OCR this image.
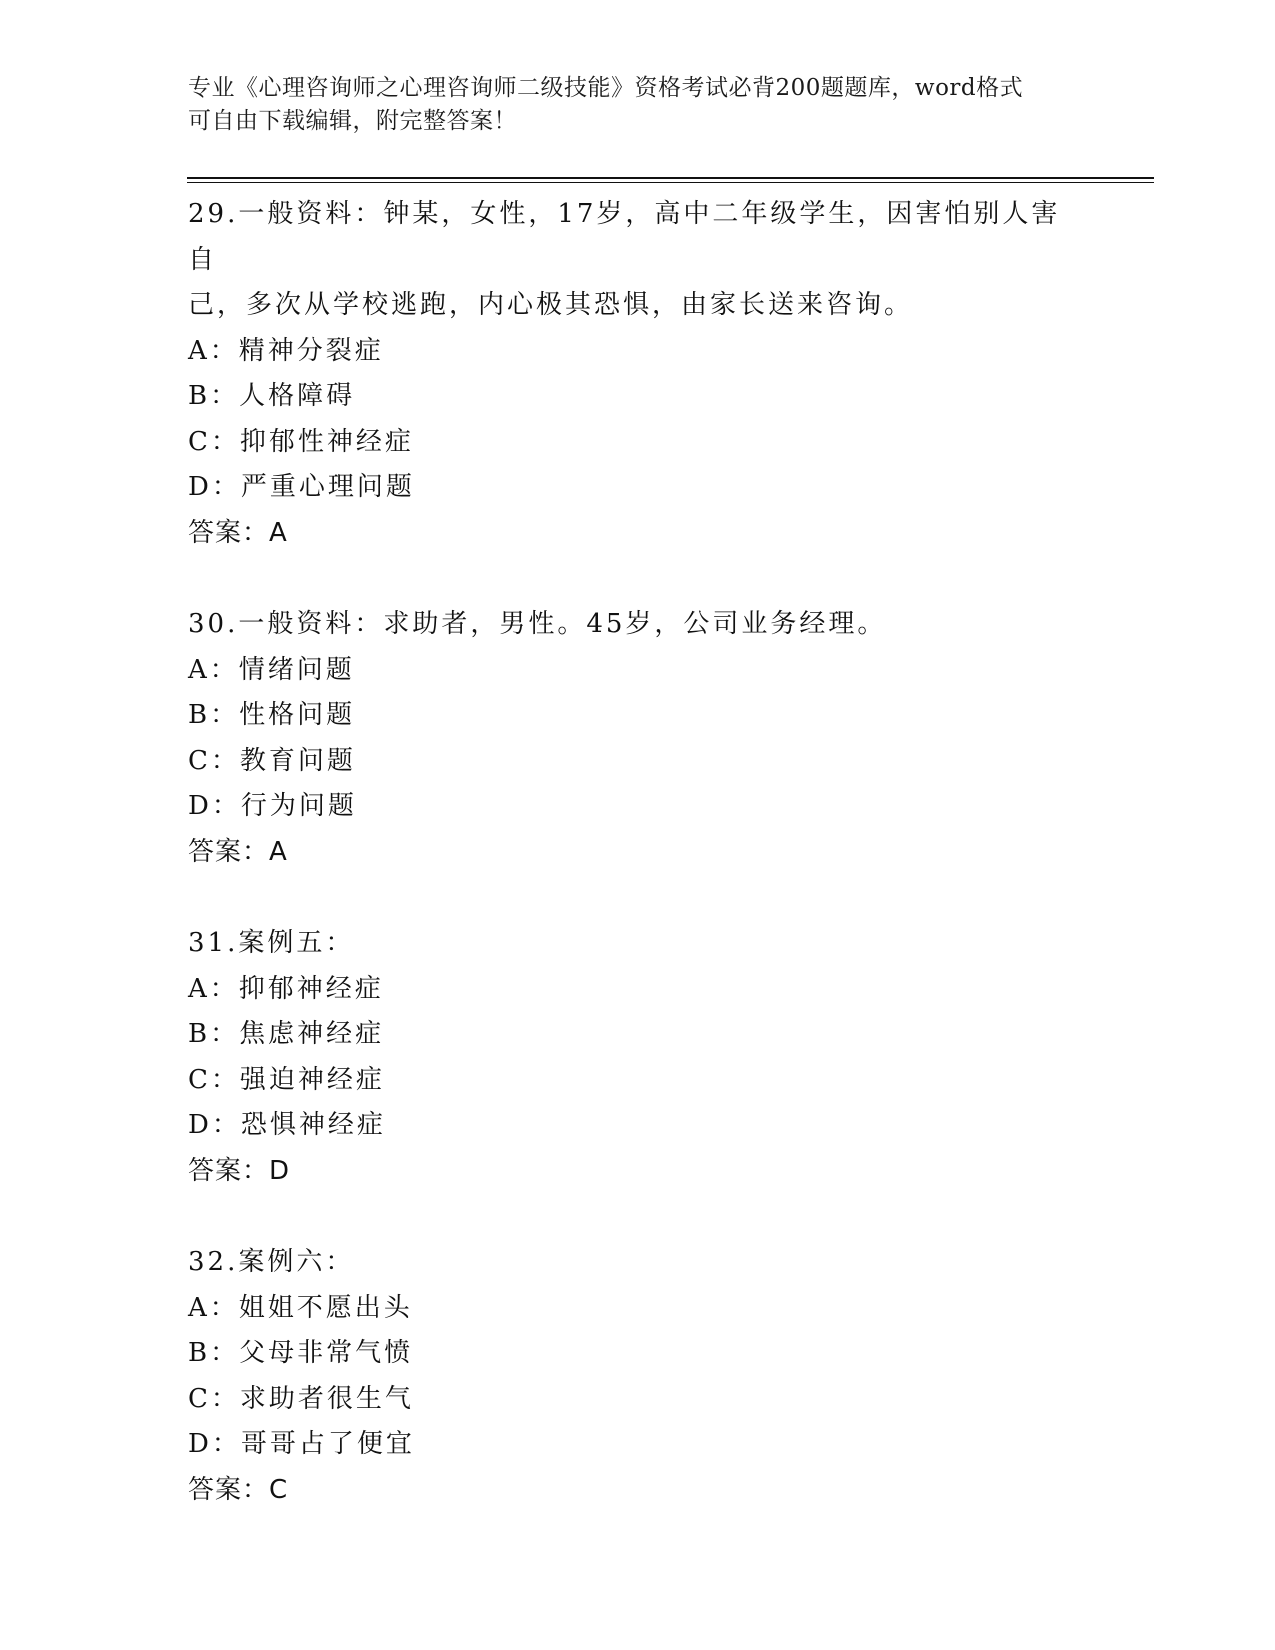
专业《心理咨询师之心理咨询师二级技能》资格考试必背200题题库，word格式
可自由下载编辑，附完整答案！
29.一般资料：钟某，女性，17岁，高中二年级学生，因害怕别人害自
己，多次从学校逃跑，内心极其恐惧，由家长送来咨询。
A：精神分裂症
B：人格障碍
C：抑郁性神经症
D：严重心理问题
答案：A
30.一般资料：求助者，男性。45岁，公司业务经理。
A：情绪问题
B：性格问题
C：教育问题
D：行为问题
答案：A
31.案例五：
A：抑郁神经症
B：焦虑神经症
C：强迫神经症
D：恐惧神经症
答案：D
32.案例六：
A：姐姐不愿出头
B：父母非常气愤
C：求助者很生气
D：哥哥占了便宜
答案：C
